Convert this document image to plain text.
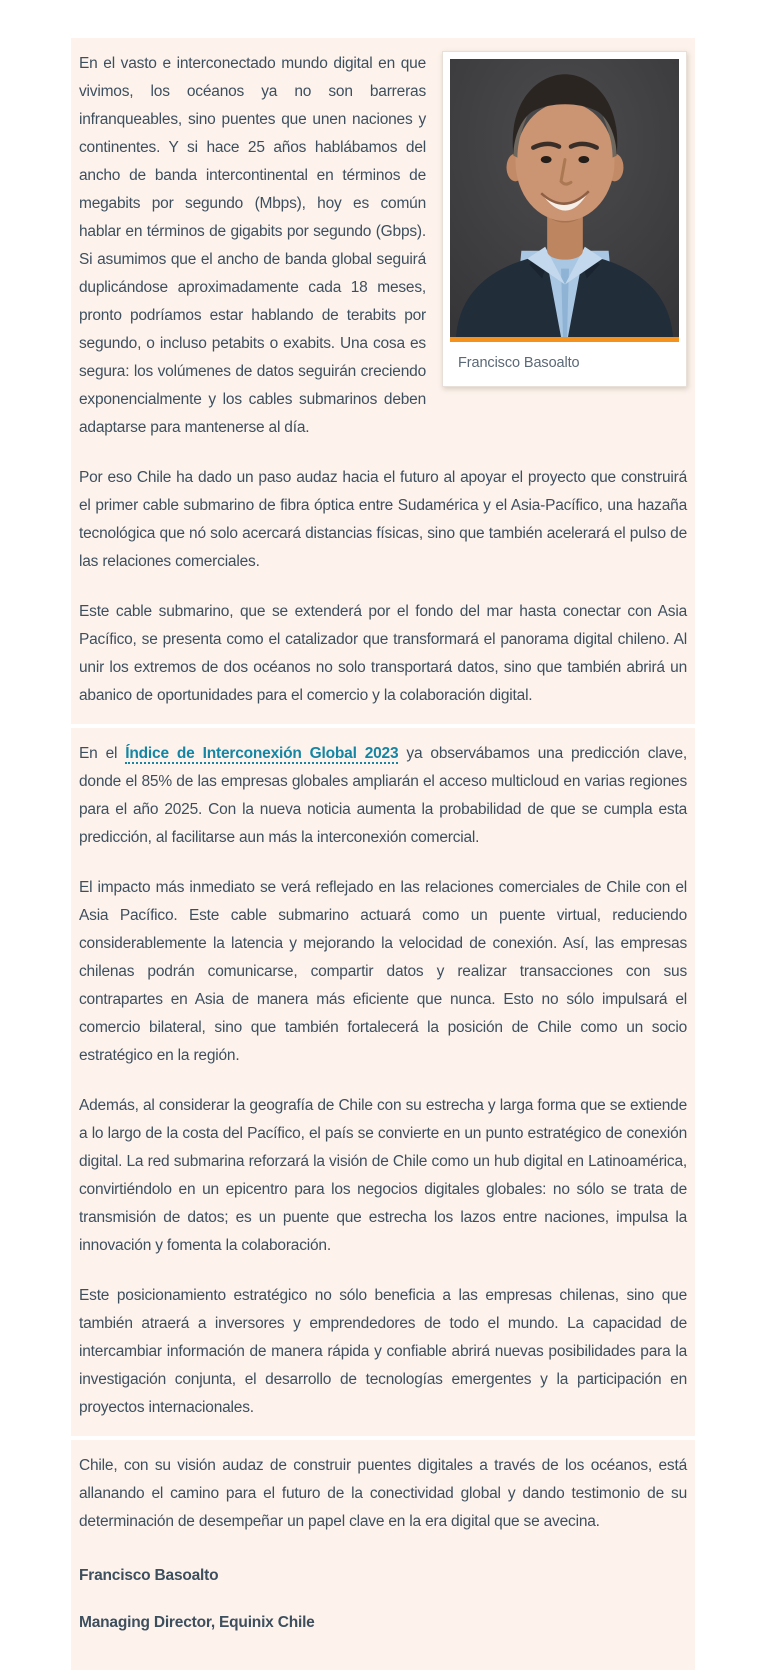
En el vasto e interconectado mundo digital en que vivimos, los océanos ya no son barreras infranqueables, sino puentes que unen naciones y continentes. Y si hace 25 años hablábamos del ancho de banda intercontinental en términos de megabits por segundo (Mbps), hoy es común hablar en términos de gigabits por segundo (Gbps). Si asumimos que el ancho de banda global seguirá duplicándose aproximadamente cada 18 meses, pronto podríamos estar hablando de terabits por segundo, o incluso petabits o exabits. Una cosa es segura: los volúmenes de datos seguirán creciendo exponencialmente y los cables submarinos deben adaptarse para mantenerse al día.

Francisco Basoalto

Por eso Chile ha dado un paso audaz hacia el futuro al apoyar el proyecto que construirá el primer cable submarino de fibra óptica entre Sudamérica y el Asia-Pacífico, una hazaña tecnológica que nó solo acercará distancias físicas, sino que también acelerará el pulso de las relaciones comerciales.

Este cable submarino, que se extenderá por el fondo del mar hasta conectar con Asia Pacífico, se presenta como el catalizador que transformará el panorama digital chileno. Al unir los extremos de dos océanos no solo transportará datos, sino que también abrirá un abanico de oportunidades para el comercio y la colaboración digital.

En el Índice de Interconexión Global 2023 ya observábamos una predicción clave, donde el 85% de las empresas globales ampliarán el acceso multicloud en varias regiones para el año 2025. Con la nueva noticia aumenta la probabilidad de que se cumpla esta predicción, al facilitarse aun más la interconexión comercial.

El impacto más inmediato se verá reflejado en las relaciones comerciales de Chile con el Asia Pacífico. Este cable submarino actuará como un puente virtual, reduciendo considerablemente la latencia y mejorando la velocidad de conexión. Así, las empresas chilenas podrán comunicarse, compartir datos y realizar transacciones con sus contrapartes en Asia de manera más eficiente que nunca. Esto no sólo impulsará el comercio bilateral, sino que también fortalecerá la posición de Chile como un socio estratégico en la región.

Además, al considerar la geografía de Chile con su estrecha y larga forma que se extiende a lo largo de la costa del Pacífico, el país se convierte en un punto estratégico de conexión digital. La red submarina reforzará la visión de Chile como un hub digital en Latinoamérica, convirtiéndolo en un epicentro para los negocios digitales globales: no sólo se trata de transmisión de datos; es un puente que estrecha los lazos entre naciones, impulsa la innovación y fomenta la colaboración.

Este posicionamiento estratégico no sólo beneficia a las empresas chilenas, sino que también atraerá a inversores y emprendedores de todo el mundo. La capacidad de intercambiar información de manera rápida y confiable abrirá nuevas posibilidades para la investigación conjunta, el desarrollo de tecnologías emergentes y la participación en proyectos internacionales.

Chile, con su visión audaz de construir puentes digitales a través de los océanos, está allanando el camino para el futuro de la conectividad global y dando testimonio de su determinación de desempeñar un papel clave en la era digital que se avecina.

Francisco Basoalto

Managing Director, Equinix Chile
